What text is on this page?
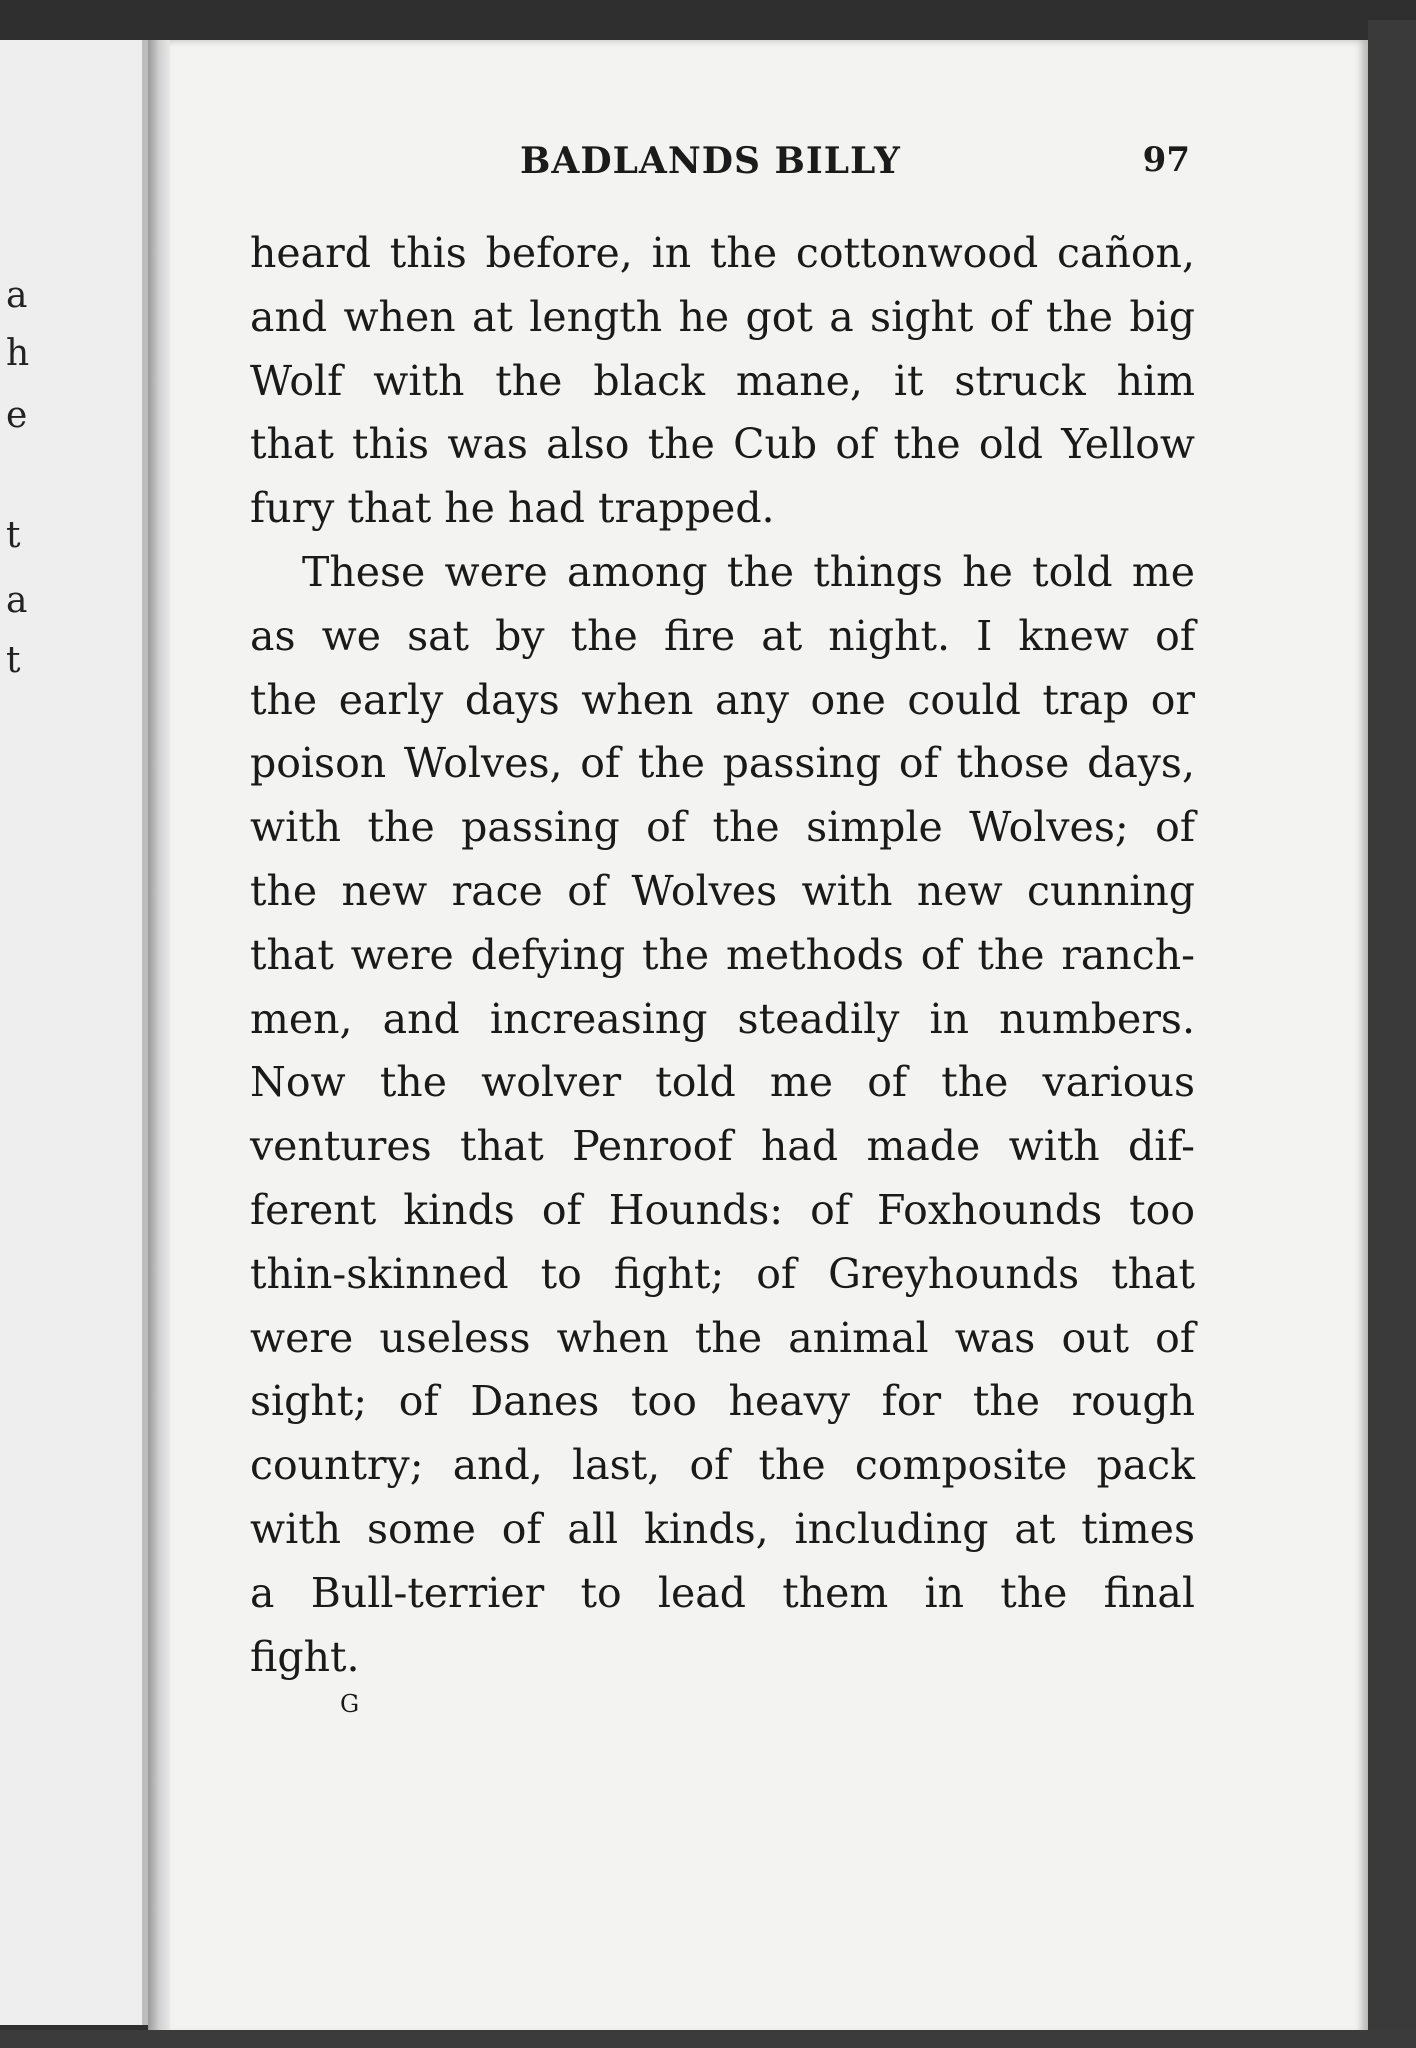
a
h
e
t
a
t
BADLANDS BILLY	97
heard this before, in the cottonwood cañon,
and when at length he got a sight of the big
Wolf with the black mane, it struck him
that this was also the Cub of the old Yellow
fury that he had trapped.
These were among the things he told me
as we sat by the fire at night. I knew of
the early days when any one could trap or
poison Wolves, of the passing of those days,
with the passing of the simple Wolves; of
the new race of Wolves with new cunning
that were defying the methods of the ranch-
men, and increasing steadily in numbers.
Now the wolver told me of the various
ventures that Penroof had made with dif-
ferent kinds of Hounds: of Foxhounds too
thin-skinned to fight; of Greyhounds that
were useless when the animal was out of
sight; of Danes too heavy for the rough
country; and, last, of the composite pack
with some of all kinds, including at times
a Bull-terrier to lead them in the final
fight.
G
